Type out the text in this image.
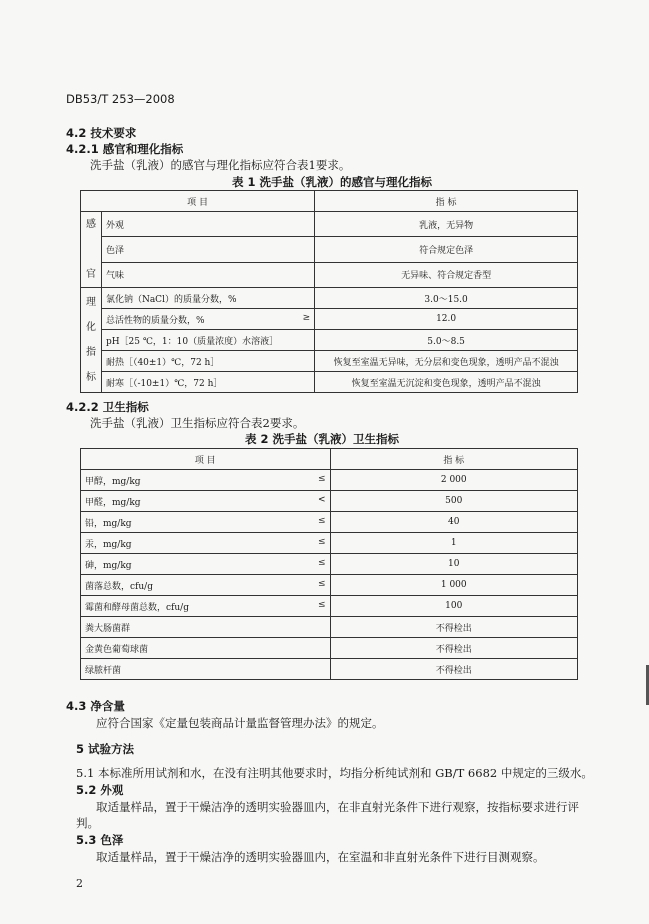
DB53/T 253—2008
4.2 技术要求
4.2.1 感官和理化指标
洗手盐（乳液）的感官与理化指标应符合表1要求。
表 1 洗手盐（乳液）的感官与理化指标
项 目		指 标

感

官	外观	乳液，无异物
	色泽	符合规定色泽
	气味	无异味、符合规定香型

理
化
指
标	氯化钠（NaCl）的质量分数，%	3.0～15.0
	总活性物的质量分数，% ≥	12.0
	pH［25 ℃，1：10（质量浓度）水溶液］	5.0～8.5
	耐热［（40±1）℃，72 h］	恢复至室温无异味，无分层和变色现象，透明产品不混浊
	耐寒［（-10±1）℃，72 h］	恢复至室温无沉淀和变色现象，透明产品不混浊
4.2.2 卫生指标
洗手盐（乳液）卫生指标应符合表2要求。
表 2 洗手盐（乳液）卫生指标
项 目	指 标
甲醇，mg/kg ≤	2 000
甲醛，mg/kg <	500
铅，mg/kg ≤	40
汞，mg/kg ≤	1
砷，mg/kg ≤	10
菌落总数，cfu/g ≤	1 000
霉菌和酵母菌总数，cfu/g ≤	100
粪大肠菌群	不得检出
金黄色葡萄球菌	不得检出
绿脓杆菌	不得检出
4.3 净含量
应符合国家《定量包装商品计量监督管理办法》的规定。
5 试验方法
5.1 本标准所用试剂和水，在没有注明其他要求时，均指分析纯试剂和 GB/T 6682 中规定的三级水。
5.2 外观
取适量样品，置于干燥洁净的透明实验器皿内，在非直射光条件下进行观察，按指标要求进行评
判。
5.3 色泽
取适量样品，置于干燥洁净的透明实验器皿内，在室温和非直射光条件下进行目测观察。
2
